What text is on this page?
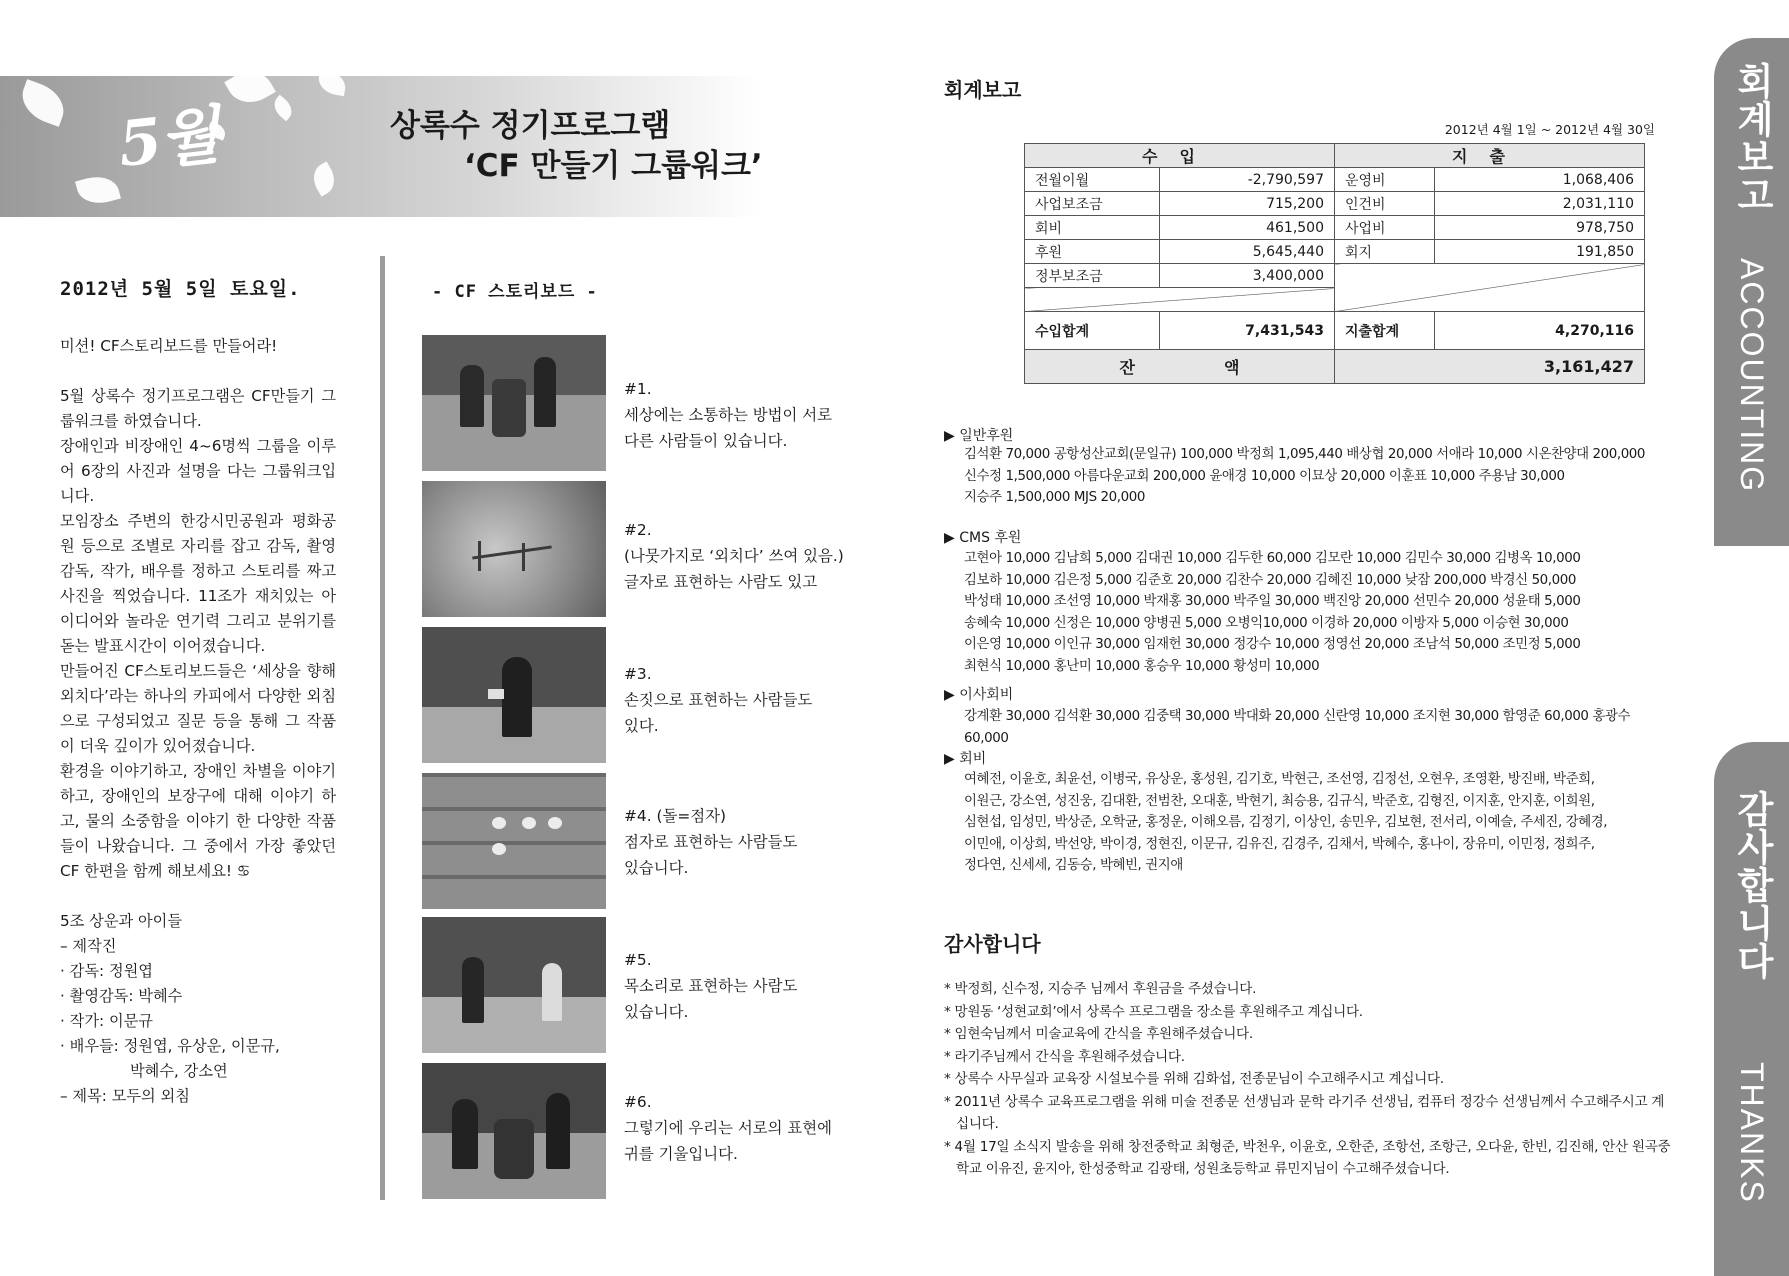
5월	상록수 정기프로그램
‘CF 만들기 그룹워크’
2012년 5월 5일 토요일.

미션! CF스토리보드를 만들어라!

5월 상록수 정기프로그램은 CF만들기 그룹워크를 하였습니다.

장애인과 비장애인 4~6명씩 그룹을 이루어 6장의 사진과 설명을 다는 그룹워크입니다.

모임장소 주변의 한강시민공원과 평화공원 등으로 조별로 자리를 잡고 감독, 촬영감독, 작가, 배우를 정하고 스토리를 짜고 사진을 찍었습니다. 11조가 재치있는 아이디어와 놀라운 연기력 그리고 분위기를 돋는 발표시간이 이어졌습니다.

만들어진 CF스토리보드들은 ‘세상을 향해 외치다’라는 하나의 카피에서 다양한 외침으로 구성되었고 질문 등을 통해 그 작품이 더욱 깊이가 있어졌습니다.

환경을 이야기하고, 장애인 차별을 이야기 하고, 장애인의 보장구에 대해 이야기 하고, 물의 소중함을 이야기 한 다양한 작품들이 나왔습니다. 그 중에서 가장 좋았던 CF 한편을 함께 해보세요! ♋

5조 상운과 아이들

– 제작진

· 감독: 정원엽

· 촬영감독: 박혜수

· 작가: 이문규

· 배우들: 정원엽, 유상운, 이문규,

박혜수, 강소연

– 제목: 모두의 외침

- CF 스토리보드 -
#1.
세상에는 소통하는 방법이 서로
다른 사람들이 있습니다.
#2.
(나뭇가지로 ‘외치다’ 쓰여 있음.)
글자로 표현하는 사람도 있고
#3.
손짓으로 표현하는 사람들도
있다.
#4. (돌=점자)
점자로 표현하는 사람들도
있습니다.
#5.
목소리로 표현하는 사람도
있습니다.
#6.
그렇기에 우리는 서로의 표현에
귀를 기울입니다.
회계보고
2012년 4월 1일 ~ 2012년 4월 30일
수입		지출	
전월이월	-2,790,597	운영비	1,068,406
사업보조금	715,200	인건비	2,031,110
회비	461,500	사업비	978,750
후원	5,645,440	회지	191,850
정부보조금	3,400,000		

수입합계	7,431,543	지출합계	4,270,116
잔                액		3,161,427	
▶ 일반후원
김석환 70,000 공항성산교회(문일규) 100,000 박정희 1,095,440 배상협 20,000 서애라 10,000 시온찬양대 200,000
신수정 1,500,000 아름다운교회 200,000 윤애경 10,000 이묘상 20,000 이훈표 10,000 주용남 30,000
지승주 1,500,000 MJS 20,000
▶ CMS 후원
고현아 10,000 김남희 5,000 김대권 10,000 김두한 60,000 김모란 10,000 김민수 30,000 김병옥 10,000
김보하 10,000 김은정 5,000 김준호 20,000 김찬수 20,000 김혜진 10,000 낮잠 200,000 박경신 50,000
박성태 10,000 조선영 10,000 박재홍 30,000 박주일 30,000 백진앙 20,000 선민수 20,000 성윤태 5,000
송혜숙 10,000 신정은 10,000 양병권 5,000 오병익10,000 이경하 20,000 이방자 5,000 이승현 30,000
이은영 10,000 이인규 30,000 임재헌 30,000 정강수 10,000 정영선 20,000 조남석 50,000 조민정 5,000
최현식 10,000 홍난미 10,000 홍승우 10,000 황성미 10,000
▶ 이사회비
강계환 30,000 김석환 30,000 김중택 30,000 박대화 20,000 신란영 10,000 조지현 30,000 함영준 60,000 홍광수 60,000
▶ 회비
여혜전, 이윤호, 최윤선, 이병국, 유상운, 홍성원, 김기호, 박현근, 조선영, 김정선, 오현우, 조영환, 방진배, 박준희,
이원근, 강소연, 성진웅, 김대환, 전범찬, 오대훈, 박현기, 최승용, 김규식, 박준호, 김형진, 이지훈, 안지훈, 이희원,
심현섭, 임성민, 박상준, 오학균, 홍정운, 이해오름, 김정기, 이상인, 송민우, 김보현, 전서리, 이예슬, 주세진, 강혜경,
이민애, 이상희, 박선양, 박이경, 정현진, 이문규, 김유진, 김경주, 김채서, 박혜수, 홍나이, 장유미, 이민정, 정희주,
정다연, 신세세, 김동승, 박혜빈, 권지애
감사합니다
* 박정희, 신수정, 지승주 님께서 후원금을 주셨습니다.
* 망원동 ‘성현교회’에서 상록수 프로그램을 장소를 후원해주고 계십니다.
* 임현숙님께서 미술교육에 간식을 후원해주셨습니다.
* 라기주님께서 간식을 후원해주셨습니다.
* 상록수 사무실과 교육장 시설보수를 위해 김화섭, 전종문님이 수고해주시고 계십니다.
* 2011년 상록수 교육프로그램을 위해 미술 전종문 선생님과 문학 라기주 선생님, 컴퓨터 정강수 선생님께서 수고해주시고 계십니다.
* 4월 17일 소식지 발송을 위해 창전중학교 최형준, 박천우, 이윤호, 오한준, 조항선, 조항근, 오다윤, 한빈, 김진해, 안산 원곡중학교 이유진, 윤지아, 한성중학교 김광태, 성원초등학교 류민지님이 수고해주셨습니다.
회계보고
ACCOUNTING
감사합니다
THANKS
